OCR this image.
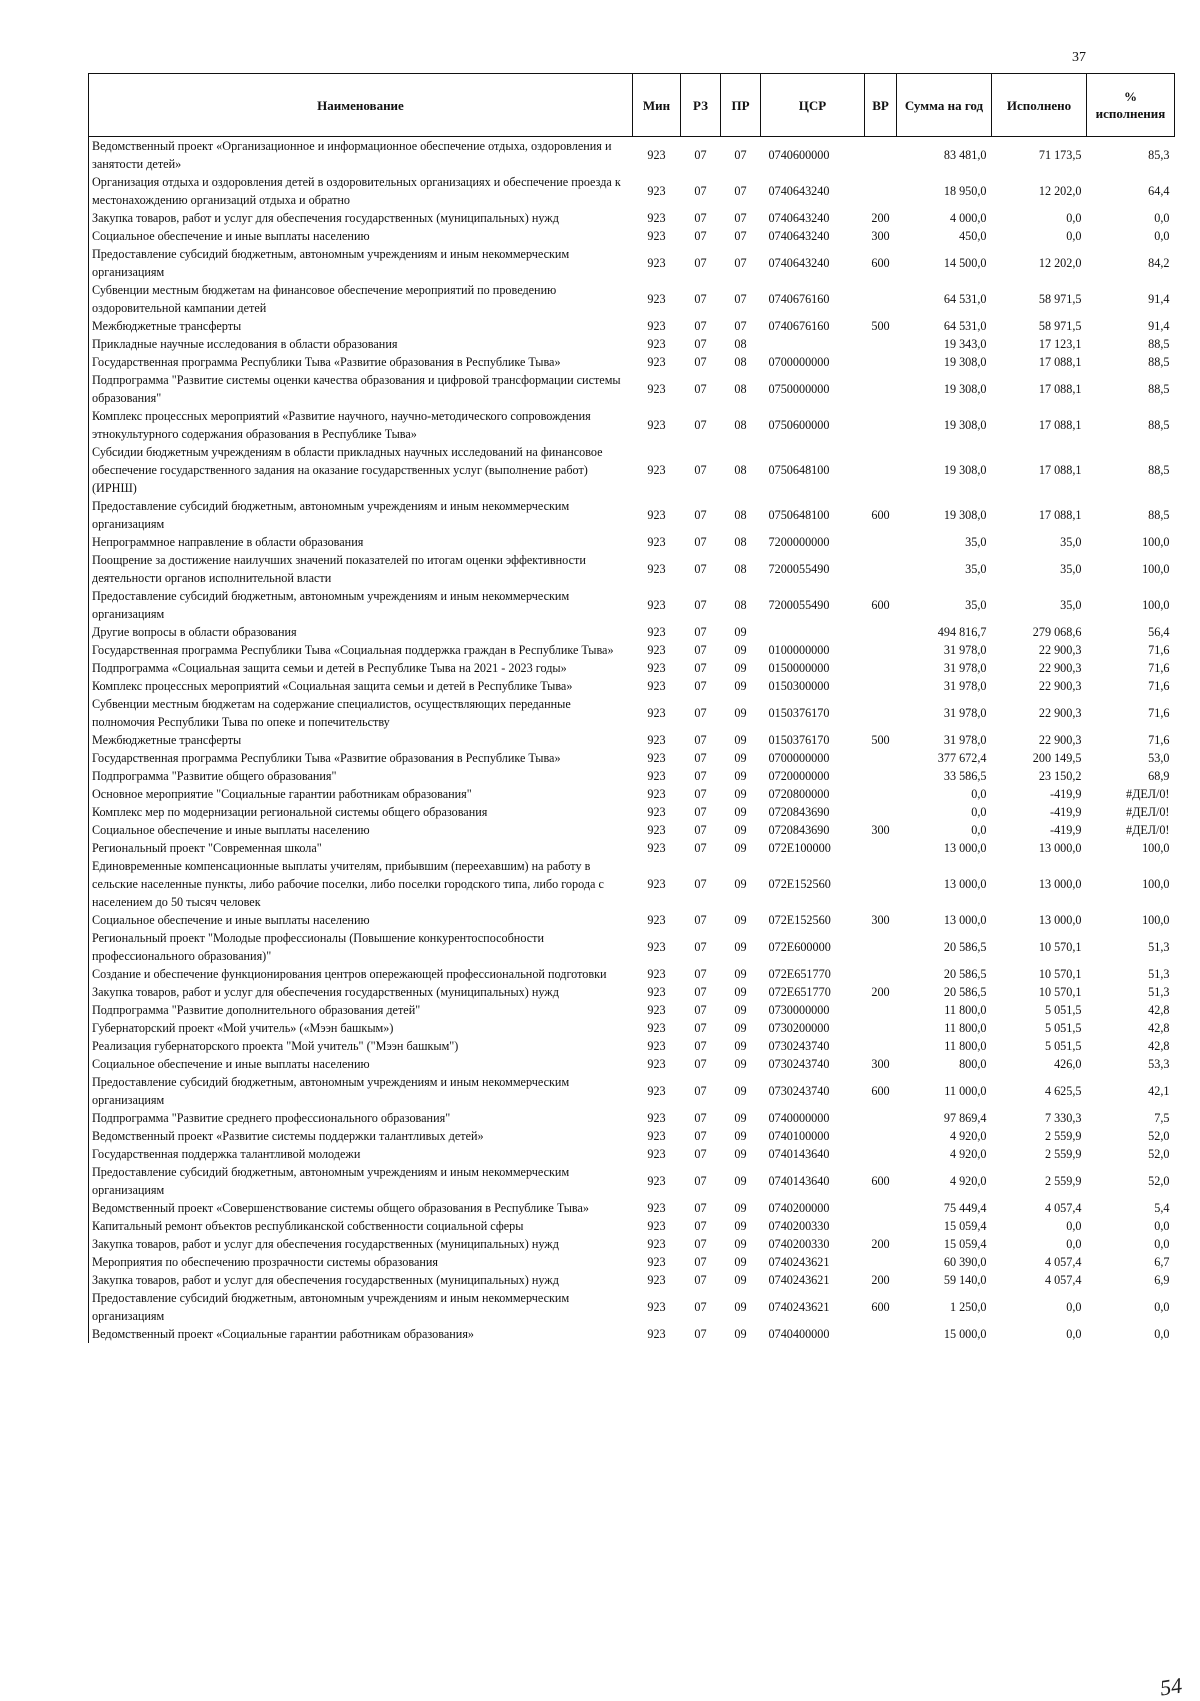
37
Наименование	Мин	РЗ	ПР	ЦСР	ВР	Сумма на год	Исполнено	% исполнения
Ведомственный проект «Организационное и информационное обеспечение отдыха, оздоровления и занятости детей»	923	07	07	0740600000		83 481,0	71 173,5	85,3
Организация отдыха и оздоровления детей в оздоровительных организациях и обеспечение проезда к местонахождению организаций отдыха и обратно	923	07	07	0740643240		18 950,0	12 202,0	64,4
Закупка товаров, работ и услуг для обеспечения государственных (муниципальных) нужд	923	07	07	0740643240	200	4 000,0	0,0	0,0
Социальное обеспечение и иные выплаты населению	923	07	07	0740643240	300	450,0	0,0	0,0
Предоставление субсидий бюджетным, автономным учреждениям и иным некоммерческим организациям	923	07	07	0740643240	600	14 500,0	12 202,0	84,2
Субвенции местным бюджетам на финансовое обеспечение мероприятий по проведению оздоровительной кампании детей	923	07	07	0740676160		64 531,0	58 971,5	91,4
Межбюджетные трансферты	923	07	07	0740676160	500	64 531,0	58 971,5	91,4
Прикладные научные исследования в области образования	923	07	08			19 343,0	17 123,1	88,5
Государственная программа Республики Тыва «Развитие образования в Республике Тыва»	923	07	08	0700000000		19 308,0	17 088,1	88,5
Подпрограмма "Развитие системы оценки качества образования и цифровой трансформации системы образования"	923	07	08	0750000000		19 308,0	17 088,1	88,5
Комплекс процессных мероприятий «Развитие научного, научно-методического сопровождения этнокультурного содержания образования в Республике Тыва»	923	07	08	0750600000		19 308,0	17 088,1	88,5
Субсидии бюджетным учреждениям в области прикладных научных исследований на финансовое обеспечение государственного задания на оказание государственных услуг (выполнение работ) (ИРНШ)	923	07	08	0750648100		19 308,0	17 088,1	88,5
Предоставление субсидий бюджетным, автономным учреждениям и иным некоммерческим организациям	923	07	08	0750648100	600	19 308,0	17 088,1	88,5
Непрограммное направление в области образования	923	07	08	7200000000		35,0	35,0	100,0
Поощрение за достижение наилучших значений показателей по итогам оценки эффективности деятельности органов исполнительной власти	923	07	08	7200055490		35,0	35,0	100,0
Предоставление субсидий бюджетным, автономным учреждениям и иным некоммерческим организациям	923	07	08	7200055490	600	35,0	35,0	100,0
Другие вопросы в области образования	923	07	09			494 816,7	279 068,6	56,4
Государственная программа Республики Тыва «Социальная поддержка граждан в Республике Тыва»	923	07	09	0100000000		31 978,0	22 900,3	71,6
Подпрограмма «Социальная защита семьи и детей в Республике Тыва на 2021 - 2023 годы»	923	07	09	0150000000		31 978,0	22 900,3	71,6
Комплекс процессных мероприятий «Социальная защита семьи и детей в Республике Тыва»	923	07	09	0150300000		31 978,0	22 900,3	71,6
Субвенции местным бюджетам на содержание специалистов, осуществляющих переданные полномочия Республики Тыва по опеке и попечительству	923	07	09	0150376170		31 978,0	22 900,3	71,6
Межбюджетные трансферты	923	07	09	0150376170	500	31 978,0	22 900,3	71,6
Государственная программа Республики Тыва «Развитие образования в Республике Тыва»	923	07	09	0700000000		377 672,4	200 149,5	53,0
Подпрограмма "Развитие общего образования"	923	07	09	0720000000		33 586,5	23 150,2	68,9
Основное мероприятие "Социальные гарантии работникам образования"	923	07	09	0720800000		0,0	-419,9	#ДЕЛ/0!
Комплекс мер по модернизации региональной системы общего образования	923	07	09	0720843690		0,0	-419,9	#ДЕЛ/0!
Социальное обеспечение и иные выплаты населению	923	07	09	0720843690	300	0,0	-419,9	#ДЕЛ/0!
Региональный проект "Современная школа"	923	07	09	072E100000		13 000,0	13 000,0	100,0
Единовременные компенсационные выплаты учителям, прибывшим (переехавшим) на работу в сельские населенные пункты, либо рабочие поселки, либо поселки городского типа, либо города с населением до 50 тысяч человек	923	07	09	072E152560		13 000,0	13 000,0	100,0
Социальное обеспечение и иные выплаты населению	923	07	09	072E152560	300	13 000,0	13 000,0	100,0
Региональный проект "Молодые профессионалы (Повышение конкурентоспособности профессионального образования)"	923	07	09	072E600000		20 586,5	10 570,1	51,3
Создание и обеспечение функционирования центров опережающей профессиональной подготовки	923	07	09	072E651770		20 586,5	10 570,1	51,3
Закупка товаров, работ и услуг для обеспечения государственных (муниципальных) нужд	923	07	09	072E651770	200	20 586,5	10 570,1	51,3
Подпрограмма "Развитие дополнительного образования детей"	923	07	09	0730000000		11 800,0	5 051,5	42,8
Губернаторский проект «Мой учитель» («Мээн башкым»)	923	07	09	0730200000		11 800,0	5 051,5	42,8
Реализация губернаторского проекта "Мой учитель" ("Мээн башкым")	923	07	09	0730243740		11 800,0	5 051,5	42,8
Социальное обеспечение и иные выплаты населению	923	07	09	0730243740	300	800,0	426,0	53,3
Предоставление субсидий бюджетным, автономным учреждениям и иным некоммерческим организациям	923	07	09	0730243740	600	11 000,0	4 625,5	42,1
Подпрограмма "Развитие среднего профессионального образования"	923	07	09	0740000000		97 869,4	7 330,3	7,5
Ведомственный проект «Развитие системы поддержки талантливых детей»	923	07	09	0740100000		4 920,0	2 559,9	52,0
Государственная поддержка талантливой молодежи	923	07	09	0740143640		4 920,0	2 559,9	52,0
Предоставление субсидий бюджетным, автономным учреждениям и иным некоммерческим организациям	923	07	09	0740143640	600	4 920,0	2 559,9	52,0
Ведомственный проект «Совершенствование системы общего образования в Республике Тыва»	923	07	09	0740200000		75 449,4	4 057,4	5,4
Капитальный ремонт объектов республиканской собственности социальной сферы	923	07	09	0740200330		15 059,4	0,0	0,0
Закупка товаров, работ и услуг для обеспечения государственных (муниципальных) нужд	923	07	09	0740200330	200	15 059,4	0,0	0,0
Мероприятия по обеспечению прозрачности системы образования	923	07	09	0740243621		60 390,0	4 057,4	6,7
Закупка товаров, работ и услуг для обеспечения государственных (муниципальных) нужд	923	07	09	0740243621	200	59 140,0	4 057,4	6,9
Предоставление субсидий бюджетным, автономным учреждениям и иным некоммерческим организациям	923	07	09	0740243621	600	1 250,0	0,0	0,0
Ведомственный проект «Социальные гарантии работникам образования»	923	07	09	0740400000		15 000,0	0,0	0,0
54
